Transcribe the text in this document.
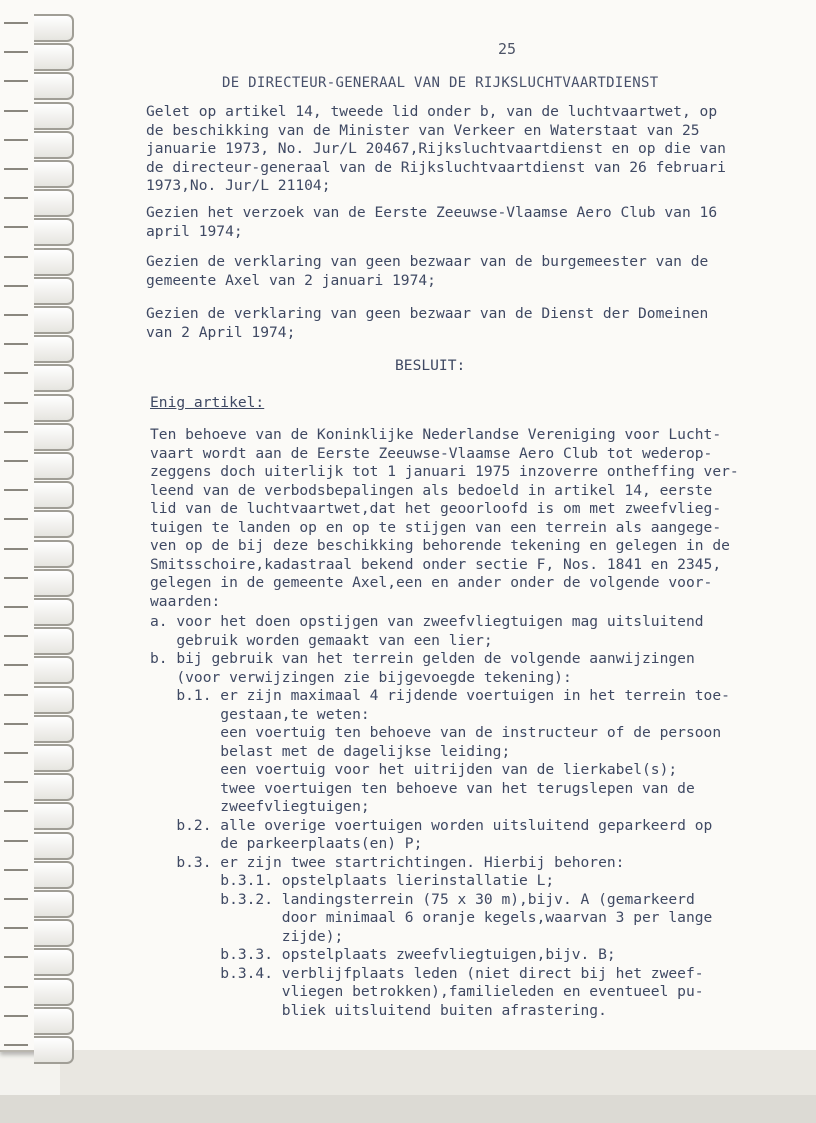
25
DE DIRECTEUR-GENERAAL VAN DE RIJKSLUCHTVAARTDIENST
Gelet op artikel 14, tweede lid onder b, van de luchtvaartwet, op
de beschikking van de Minister van Verkeer en Waterstaat van 25
januarie 1973, No. Jur/L 20467,Rijksluchtvaartdienst en op die van
de directeur-generaal van de Rijksluchtvaartdienst van 26 februari
1973,No. Jur/L 21104;
Gezien het verzoek van de Eerste Zeeuwse-Vlaamse Aero Club van 16
april 1974;
Gezien de verklaring van geen bezwaar van de burgemeester van de
gemeente Axel van 2 januari 1974;
Gezien de verklaring van geen bezwaar van de Dienst der Domeinen
van 2 April 1974;
BESLUIT:
Enig artikel:
Ten behoeve van de Koninklijke Nederlandse Vereniging voor Lucht-
vaart wordt aan de Eerste Zeeuwse-Vlaamse Aero Club tot wederop-
zeggens doch uiterlijk tot 1 januari 1975 inzoverre ontheffing ver-
leend van de verbodsbepalingen als bedoeld in artikel 14, eerste
lid van de luchtvaartwet,dat het geoorloofd is om met zweefvlieg-
tuigen te landen op en op te stijgen van een terrein als aangege-
ven op de bij deze beschikking behorende tekening en gelegen in de
Smitsschoire,kadastraal bekend onder sectie F, Nos. 1841 en 2345,
gelegen in de gemeente Axel,een en ander onder de volgende voor-
waarden:
a. voor het doen opstijgen van zweefvliegtuigen mag uitsluitend
gebruik worden gemaakt van een lier;
b. bij gebruik van het terrein gelden de volgende aanwijzingen
(voor verwijzingen zie bijgevoegde tekening):
b.1. er zijn maximaal 4 rijdende voertuigen in het terrein toe-
gestaan,te weten:
een voertuig ten behoeve van de instructeur of de persoon
belast met de dagelijkse leiding;
een voertuig voor het uitrijden van de lierkabel(s);
twee voertuigen ten behoeve van het terugslepen van de
zweefvliegtuigen;
b.2. alle overige voertuigen worden uitsluitend geparkeerd op
de parkeerplaats(en) P;
b.3. er zijn twee startrichtingen. Hierbij behoren:
b.3.1. opstelplaats lierinstallatie L;
b.3.2. landingsterrein (75 x 30 m),bijv. A (gemarkeerd
door minimaal 6 oranje kegels,waarvan 3 per lange
zijde);
b.3.3. opstelplaats zweefvliegtuigen,bijv. B;
b.3.4. verblijfplaats leden (niet direct bij het zweef-
vliegen betrokken),familieleden en eventueel pu-
bliek uitsluitend buiten afrastering.
